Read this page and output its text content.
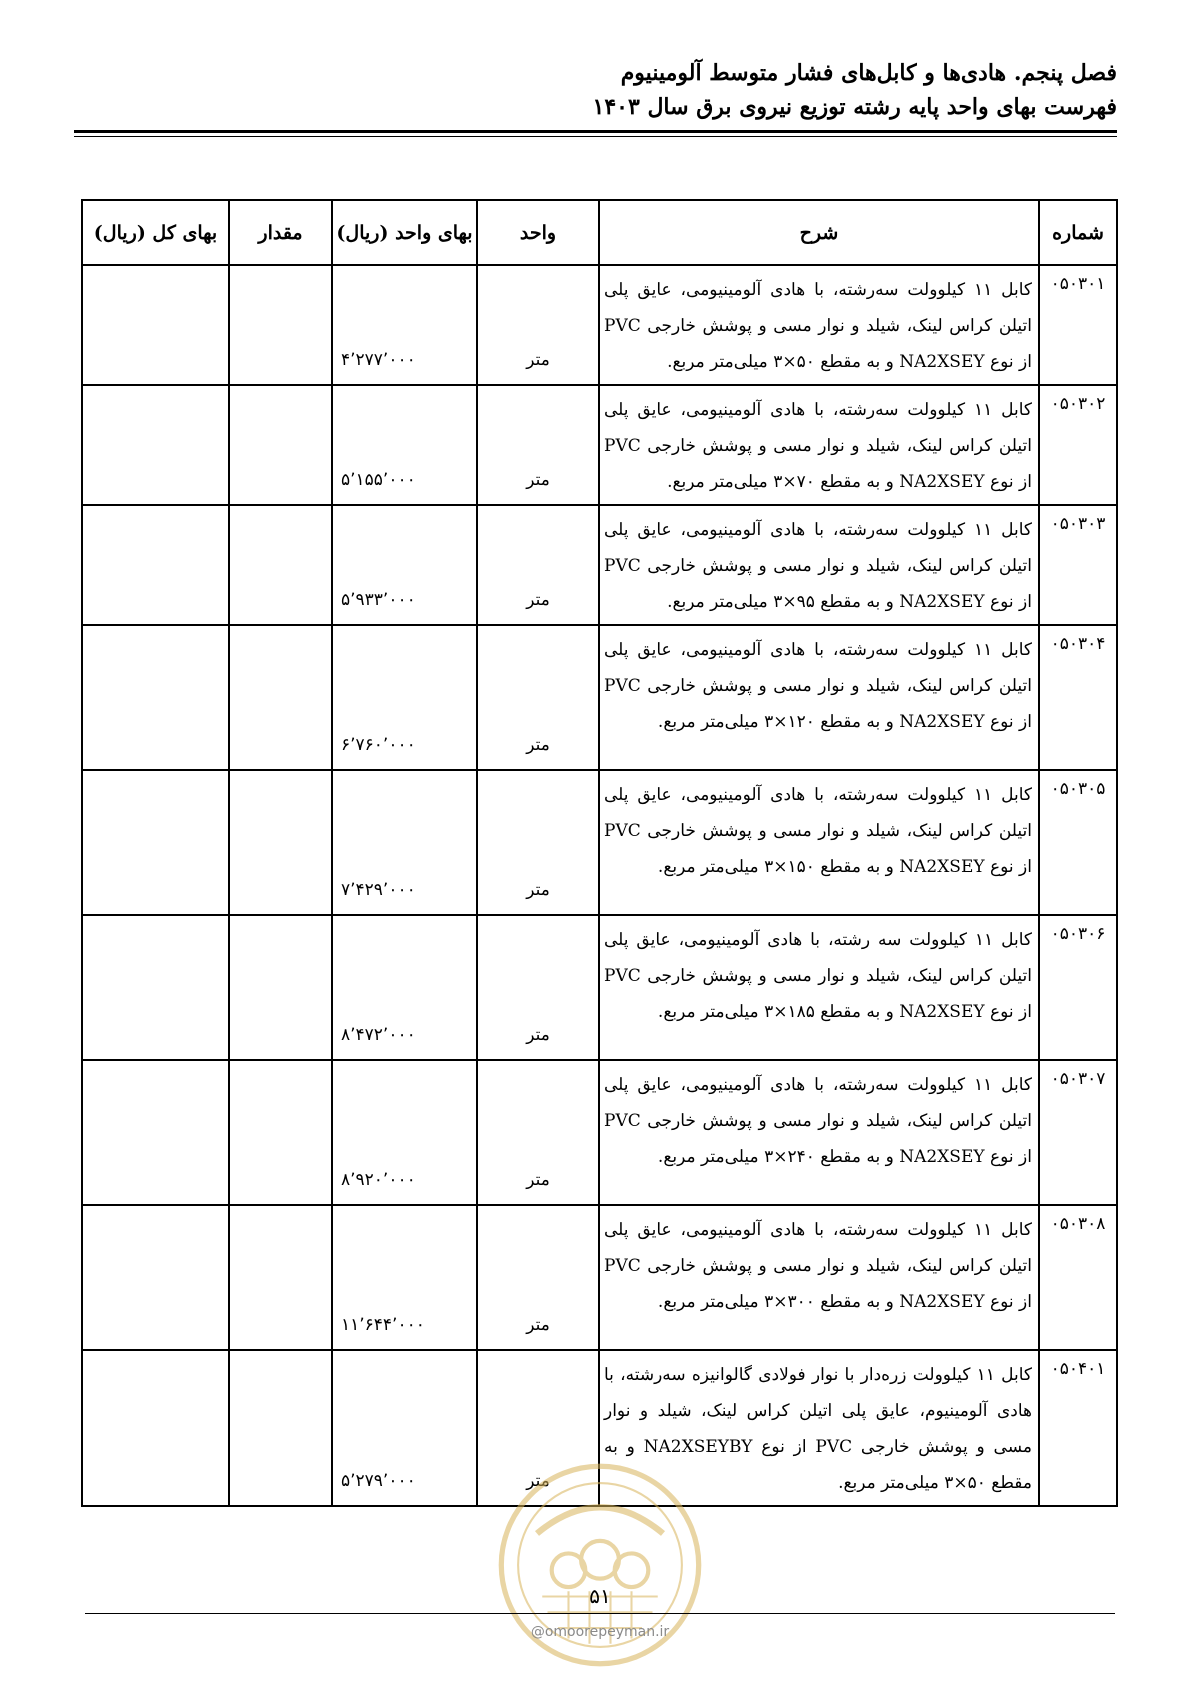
فصل پنجم. هادی‌ها و کابل‌های فشار متوسط آلومینیوم
فهرست بهای واحد پایه رشته توزیع نیروی برق سال ۱۴۰۳
شماره	شرح	واحد	بهای واحد (ریال)	مقدار	بهای کل (ریال)
۰۵۰۳۰۱	کابل ۱۱ کیلوولت سه‌رشته، با هادی آلومینیومی، عایق پلی اتیلن کراس لینک، شیلد و نوار مسی و پوشش خارجی PVC از نوع NA2XSEY و به مقطع ۵۰×۳ میلی‌متر مربع.	متر	۴٬۲۷۷٬۰۰۰		
۰۵۰۳۰۲	کابل ۱۱ کیلوولت سه‌رشته، با هادی آلومینیومی، عایق پلی اتیلن کراس لینک، شیلد و نوار مسی و پوشش خارجی PVC از نوع NA2XSEY و به مقطع ۷۰×۳ میلی‌متر مربع.	متر	۵٬۱۵۵٬۰۰۰		
۰۵۰۳۰۳	کابل ۱۱ کیلوولت سه‌رشته، با هادی آلومینیومی، عایق پلی اتیلن کراس لینک، شیلد و نوار مسی و پوشش خارجی PVC از نوع NA2XSEY و به مقطع ۹۵×۳ میلی‌متر مربع.	متر	۵٬۹۳۳٬۰۰۰		
۰۵۰۳۰۴	کابل ۱۱ کیلوولت سه‌رشته، با هادی آلومینیومی، عایق پلی اتیلن کراس لینک، شیلد و نوار مسی و پوشش خارجی PVC از نوع NA2XSEY و به مقطع ۱۲۰×۳ میلی‌متر مربع.	متر	۶٬۷۶۰٬۰۰۰		
۰۵۰۳۰۵	کابل ۱۱ کیلوولت سه‌رشته، با هادی آلومینیومی، عایق پلی اتیلن کراس لینک، شیلد و نوار مسی و پوشش خارجی PVC از نوع NA2XSEY و به مقطع ۱۵۰×۳ میلی‌متر مربع.	متر	۷٬۴۲۹٬۰۰۰		
۰۵۰۳۰۶	کابل ۱۱ کیلوولت سه رشته، با هادی آلومینیومی، عایق پلی اتیلن کراس لینک، شیلد و نوار مسی و پوشش خارجی PVC از نوع NA2XSEY و به مقطع ۱۸۵×۳ میلی‌متر مربع.	متر	۸٬۴۷۲٬۰۰۰		
۰۵۰۳۰۷	کابل ۱۱ کیلوولت سه‌رشته، با هادی آلومینیومی، عایق پلی اتیلن کراس لینک، شیلد و نوار مسی و پوشش خارجی PVC از نوع NA2XSEY و به مقطع ۲۴۰×۳ میلی‌متر مربع.	متر	۸٬۹۲۰٬۰۰۰		
۰۵۰۳۰۸	کابل ۱۱ کیلوولت سه‌رشته، با هادی آلومینیومی، عایق پلی اتیلن کراس لینک، شیلد و نوار مسی و پوشش خارجی PVC از نوع NA2XSEY و به مقطع ۳۰۰×۳ میلی‌متر مربع.	متر	۱۱٬۶۴۴٬۰۰۰		
۰۵۰۴۰۱	کابل ۱۱ کیلوولت زره‌دار با نوار فولادی گالوانیزه سه‌رشته، با هادی آلومینیوم، عایق پلی اتیلن کراس لینک، شیلد و نوار مسی و پوشش خارجی PVC از نوع NA2XSEYBY و به مقطع ۵۰×۳ میلی‌متر مربع.	متر	۵٬۲۷۹٬۰۰۰		
۵۱
@omoorepeyman.ir
